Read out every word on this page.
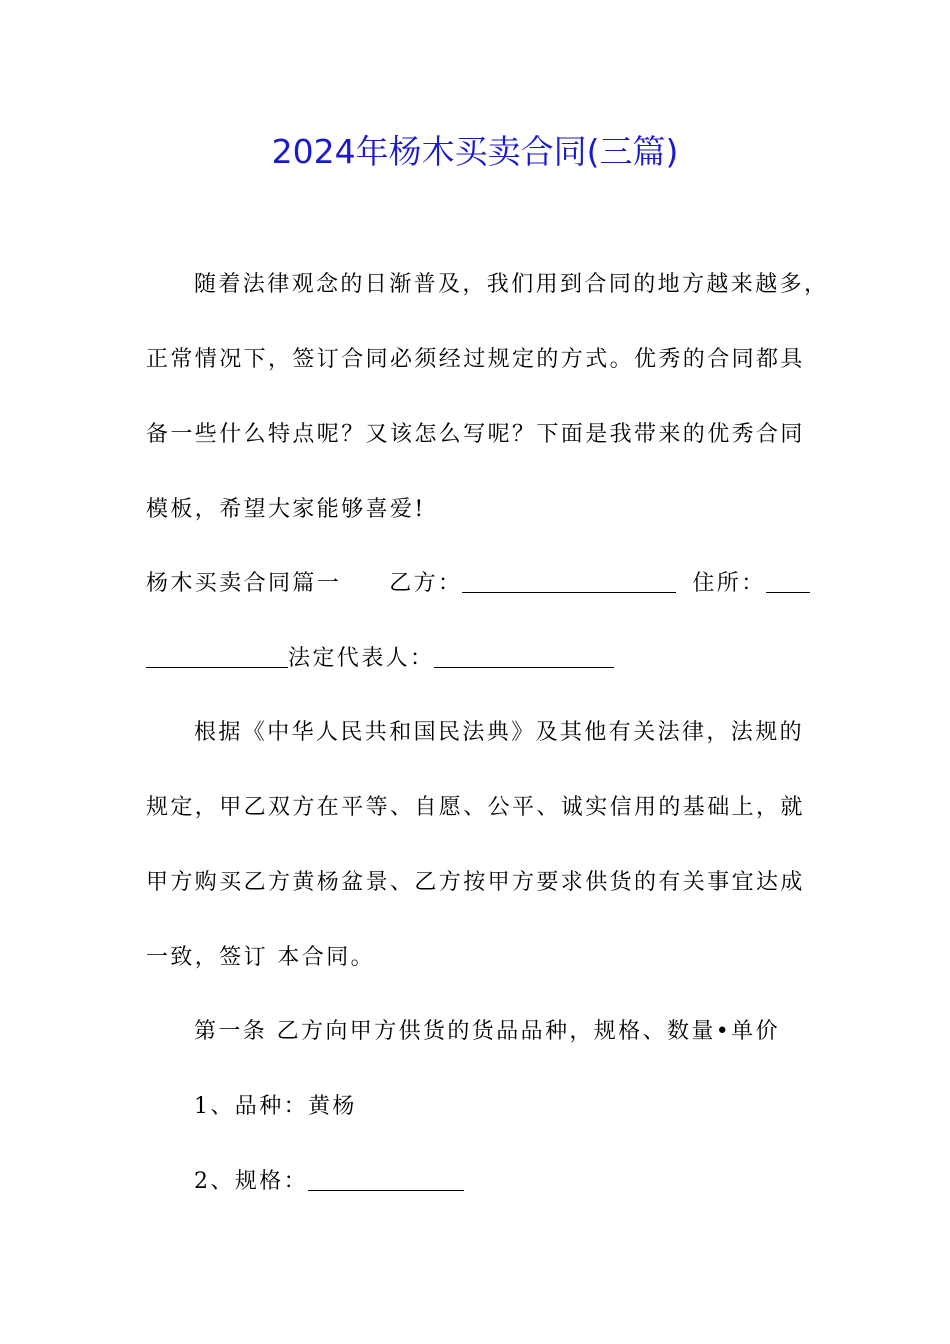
2024年杨木买卖合同(三篇)
随着法律观念的日渐普及，我们用到合同的地方越来越多，
正常情况下，签订合同必须经过规定的方式。优秀的合同都具
备一些什么特点呢？又该怎么写呢？下面是我带来的优秀合同
模板，希望大家能够喜爱!
杨木买卖合同篇一 乙方：	住所：
法定代表人：
根据《中华人民共和国民法典》及其他有关法律，法规的
规定，甲乙双方在平等、自愿、公平、诚实信用的基础上，就
甲方购买乙方黄杨盆景、乙方按甲方要求供货的有关事宜达成
一致，签订 本合同。
第一条 乙方向甲方供货的货品品种，规格、数量•单价
1、品种：黄杨
2、规格：
